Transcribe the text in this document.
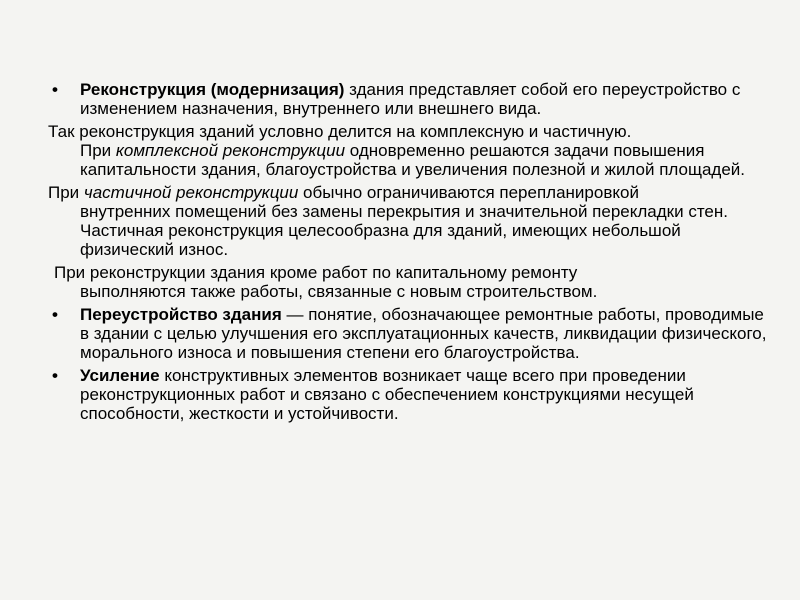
• Реконструкция (модернизация) здания представляет собой его переустройство с изменением назначения, внутреннего или внешнего вида.
Так реконструкция зданий условно делится на комплексную и частичную.
При комплексной реконструкции одновременно решаются задачи повышения капитальности здания, благоустройства и увеличения полезной и жилой площадей.
При частичной реконструкции обычно ограничиваются перепланировкой
внутренних помещений без замены перекрытия и значительной перекладки стен. Частичная реконструкция целесообразна для зданий, имеющих небольшой физический износ.
При реконструкции здания кроме работ по капитальному ремонту
выполняются также работы, связанные с новым строительством.
• Переустройство здания — понятие, обозначающее ремонтные работы, проводимые в здании с целью улучшения его эксплуатационных качеств, ликвидации физического, морального износа и повышения степени его благоустройства.
• Усиление конструктивных элементов возникает чаще всего при проведении реконструкционных работ и связано с обеспечением конструкциями несущей способности, жесткости и устойчивости.
